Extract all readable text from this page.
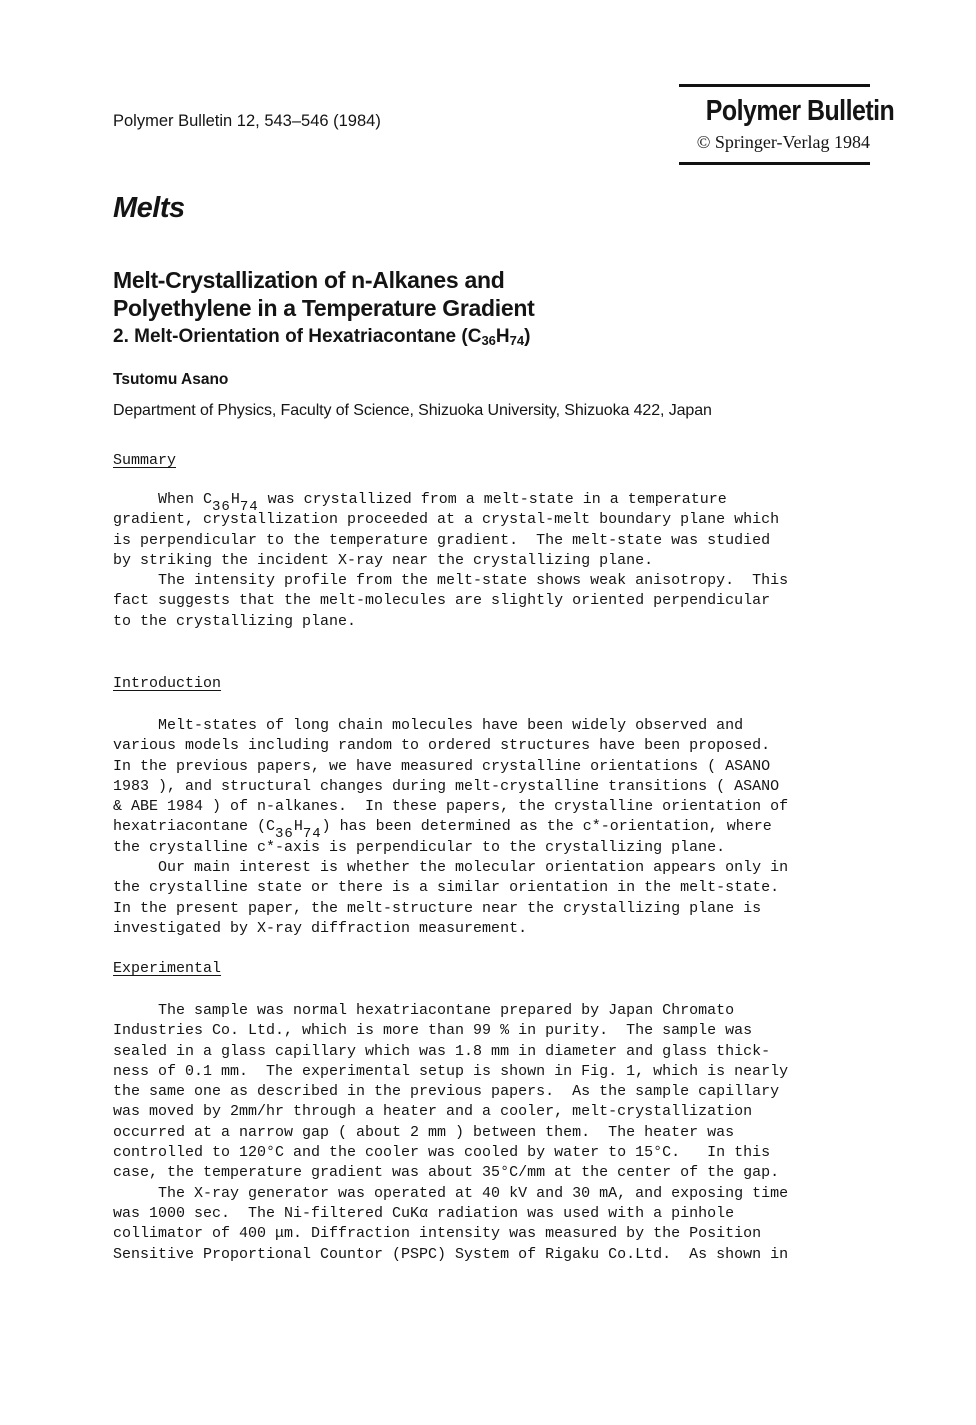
Polymer Bulletin 12, 543–546 (1984)	Polymer Bulletin
© Springer-Verlag 1984
Melts
Melt-Crystallization of n-Alkanes and
Polyethylene in a Temperature Gradient
2. Melt-Orientation of Hexatriacontane $(C_{36}H_{74})$
Tsutomu Asano
Department of Physics, Faculty of Science, Shizuoka University, Shizuoka 422, Japan
Summary
When C36H74 was crystallized from a melt-state in a temperature
gradient, crystallization proceeded at a crystal-melt boundary plane which
is perpendicular to the temperature gradient.  The melt-state was studied
by striking the incident X-ray near the crystallizing plane.
The intensity profile from the melt-state shows weak anisotropy.  This
fact suggests that the melt-molecules are slightly oriented perpendicular
to the crystallizing plane.
Introduction
Melt-states of long chain molecules have been widely observed and
various models including random to ordered structures have been proposed.
In the previous papers, we have measured crystalline orientations ( ASANO
1983 ), and structural changes during melt-crystalline transitions ( ASANO
& ABE 1984 ) of n-alkanes.  In these papers, the crystalline orientation of
hexatriacontane (C36H74) has been determined as the c*-orientation, where
the crystalline c*-axis is perpendicular to the crystallizing plane.
Our main interest is whether the molecular orientation appears only in
the crystalline state or there is a similar orientation in the melt-state.
In the present paper, the melt-structure near the crystallizing plane is
investigated by X-ray diffraction measurement.
Experimental
The sample was normal hexatriacontane prepared by Japan Chromato
Industries Co. Ltd., which is more than 99 % in purity.  The sample was
sealed in a glass capillary which was 1.8 mm in diameter and glass thick-
ness of 0.1 mm.  The experimental setup is shown in Fig. 1, which is nearly
the same one as described in the previous papers.  As the sample capillary
was moved by 2mm/hr through a heater and a cooler, melt-crystallization
occurred at a narrow gap ( about 2 mm ) between them.  The heater was
controlled to 120°C and the cooler was cooled by water to 15°C.   In this
case, the temperature gradient was about 35°C/mm at the center of the gap.
The X-ray generator was operated at 40 kV and 30 mA, and exposing time
was 1000 sec.  The Ni-filtered CuKα radiation was used with a pinhole
collimator of 400 μm. Diffraction intensity was measured by the Position
Sensitive Proportional Countor (PSPC) System of Rigaku Co.Ltd.  As shown in
